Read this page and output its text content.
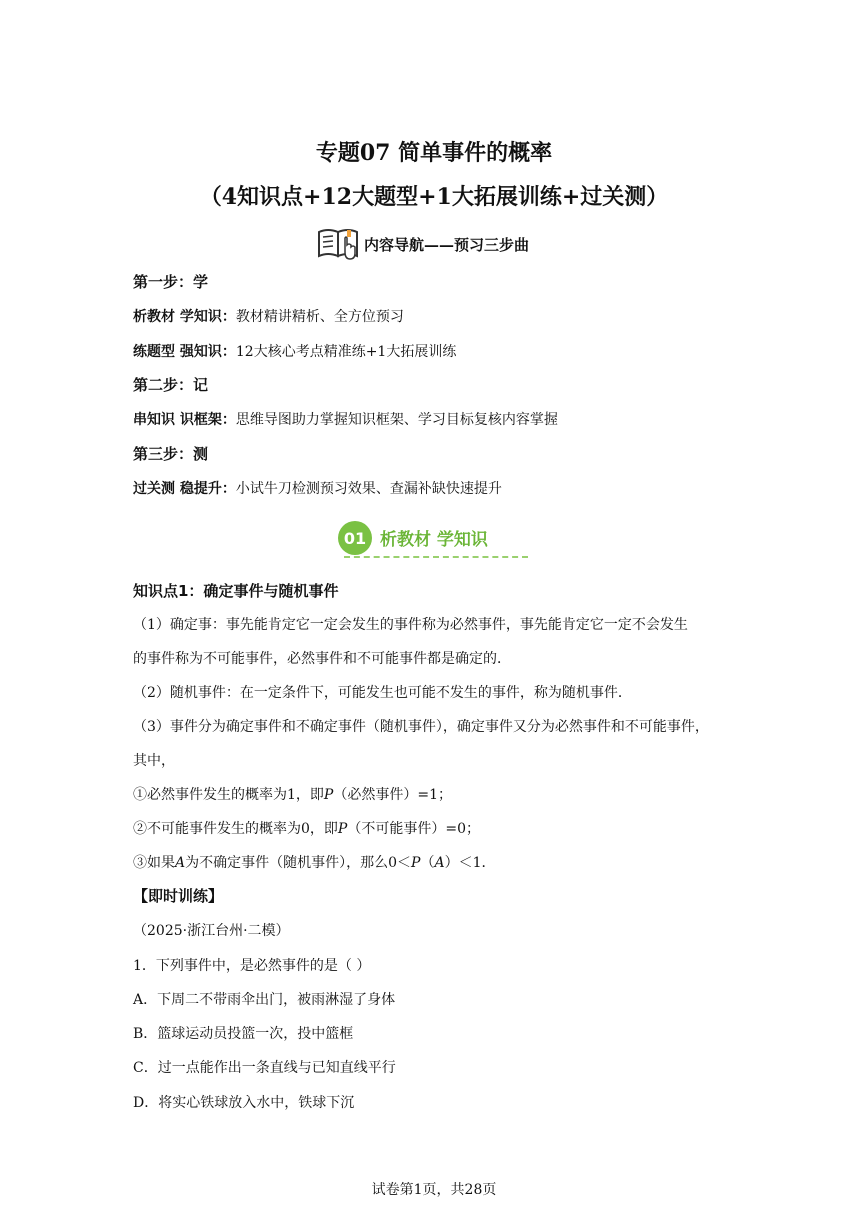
专题07 简单事件的概率
（4知识点+12大题型+1大拓展训练+过关测）
内容导航——预习三步曲
第一步：学
析教材 学知识：教材精讲精析、全方位预习
练题型 强知识：12大核心考点精准练+1大拓展训练
第二步：记
串知识 识框架：思维导图助力掌握知识框架、学习目标复核内容掌握
第三步：测
过关测 稳提升：小试牛刀检测预习效果、查漏补缺快速提升
01 析教材 学知识
知识点1：确定事件与随机事件
（1）确定事：事先能肯定它一定会发生的事件称为必然事件，事先能肯定它一定不会发生
的事件称为不可能事件，必然事件和不可能事件都是确定的．
（2）随机事件：在一定条件下，可能发生也可能不发生的事件，称为随机事件．
（3）事件分为确定事件和不确定事件（随机事件），确定事件又分为必然事件和不可能事件，
其中，
①必然事件发生的概率为1，即P（必然事件）=1；
②不可能事件发生的概率为0，即P（不可能事件）=0；
③如果A为不确定事件（随机事件），那么0＜P（A）＜1．
【即时训练】
（2025·浙江台州·二模）
1．下列事件中，是必然事件的是（ ）
A．下周二不带雨伞出门，被雨淋湿了身体
B．篮球运动员投篮一次，投中篮框
C．过一点能作出一条直线与已知直线平行
D．将实心铁球放入水中，铁球下沉
试卷第1页，共28页
